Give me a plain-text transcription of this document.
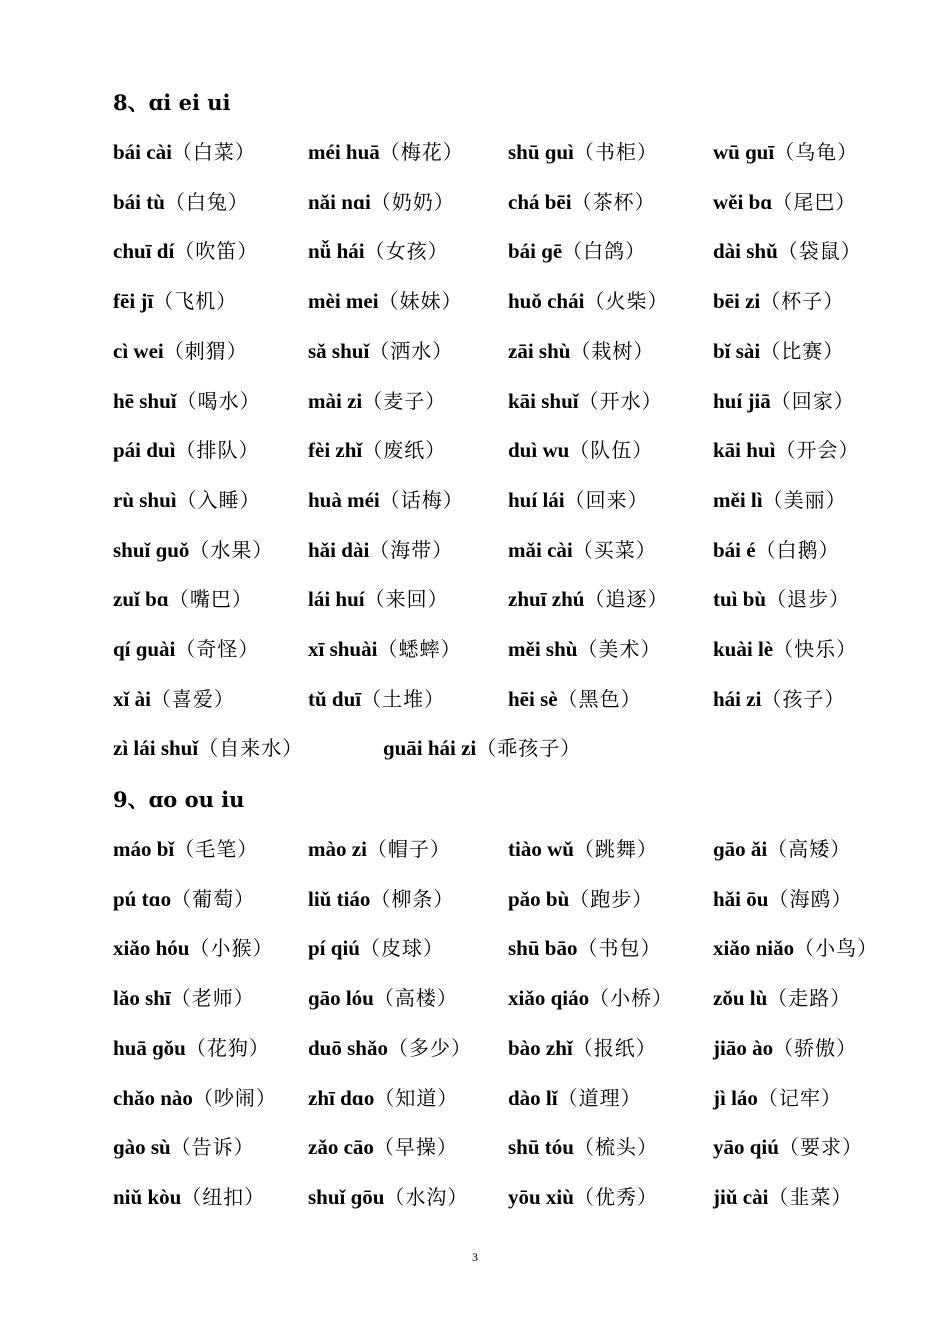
8、ɑi ei ui
bái cài（白菜） méi huā（梅花） shū ɡuì（书柜）	wū ɡuī（乌龟）
bái tù（白兔）	nǎi nɑi（奶奶）	chá bēi（茶杯）	wěi bɑ（尾巴）
chuī dí（吹笛） nǚ hái（女孩）	bái ɡē（白鸽）	dài shǔ（袋鼠）
fēi jī（飞机）	mèi mei（妹妹） huǒ chái（火柴） bēi zi（杯子）
cì wei（刺猬）	sǎ shuǐ（洒水）	zāi shù（栽树）	bǐ sài（比赛）
hē shuǐ（喝水） mài zi（麦子）	kāi shuǐ（开水） huí jiā（回家）
pái duì（排队） fèi zhǐ（废纸）	duì wu（队伍）	kāi huì（开会）
rù shuì（入睡） huà méi（话梅） huí lái（回来）	měi lì（美丽）
shuǐ ɡuǒ（水果） hǎi dài（海带）	mǎi cài（买菜）	bái é（白鹅）
zuǐ bɑ（嘴巴）	lái huí（来回）	zhuī zhú（追逐） tuì bù（退步）
qí ɡuài（奇怪） xī shuài（蟋蟀） měi shù（美术） kuài lè（快乐）
xǐ ài（喜爱）	tǔ duī（土堆）	hēi sè（黑色）	hái zi（孩子）
zì lái shuǐ（自来水）	ɡuāi hái zi（乖孩子）
9、ɑo ou iu
máo bǐ（毛笔） mào zi（帽子）	tiào wǔ（跳舞）	ɡāo ǎi（高矮）
pú tɑo（葡萄）	liǔ tiáo（柳条）	pǎo bù（跑步）	hǎi ōu（海鸥）
xiǎo hóu（小猴） pí qiú（皮球）	shū bāo（书包） xiǎo niǎo（小鸟）
lǎo shī（老师）	ɡāo lóu（高楼） xiǎo qiáo（小桥） zǒu lù（走路）
huā ɡǒu（花狗） duō shǎo（多少） bào zhǐ（报纸）	jiāo ào（骄傲）
chǎo nào（吵闹） zhī dɑo（知道） dào lǐ（道理）	jì láo（记牢）
ɡào sù（告诉）	zǎo cāo（早操） shū tóu（梳头）	yāo qiú（要求）
niǔ kòu（纽扣） shuǐ ɡōu（水沟） yōu xiù（优秀）	jiǔ cài（韭菜）
3
